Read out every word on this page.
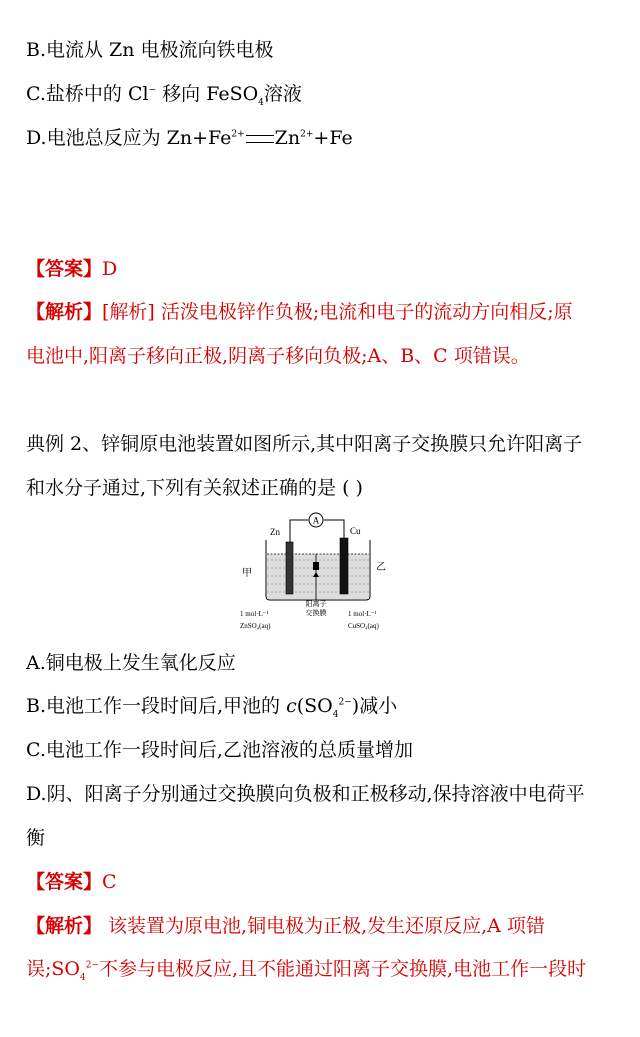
B.电流从 Zn 电极流向铁电极
C.盐桥中的 Cl− 移向 FeSO$_4$溶液
D.电池总反应为 $Zn+Fe^{2+}$ $Zn^{2+}+Fe$
【答案】D
【解析】[解析] 活泼电极锌作负极;电流和电子的流动方向相反;原
电池中,阳离子移向正极,阴离子移向负极;A、B、C 项错误。
典例 2、锌铜原电池装置如图所示,其中阳离子交换膜只允许阳离子
和水分子通过,下列有关叙述正确的是 ( )
A
Zn	Cu
甲
乙
阳离子
交换膜
1 mol·L⁻¹
ZnSO₄(aq)
1 mol·L⁻¹
CuSO₄(aq)
A.铜电极上发生氧化反应
B.电池工作一段时间后,甲池的 $c(SO_4^{2-})$减小
C.电池工作一段时间后,乙池溶液的总质量增加
D.阴、阳离子分别通过交换膜向负极和正极移动,保持溶液中电荷平
衡
【答案】C
【解析】 该装置为原电池,铜电极为正极,发生还原反应,A 项错
误$;SO_4^{2-}$不参与电极反应,且不能通过阳离子交换膜,电池工作一段时
